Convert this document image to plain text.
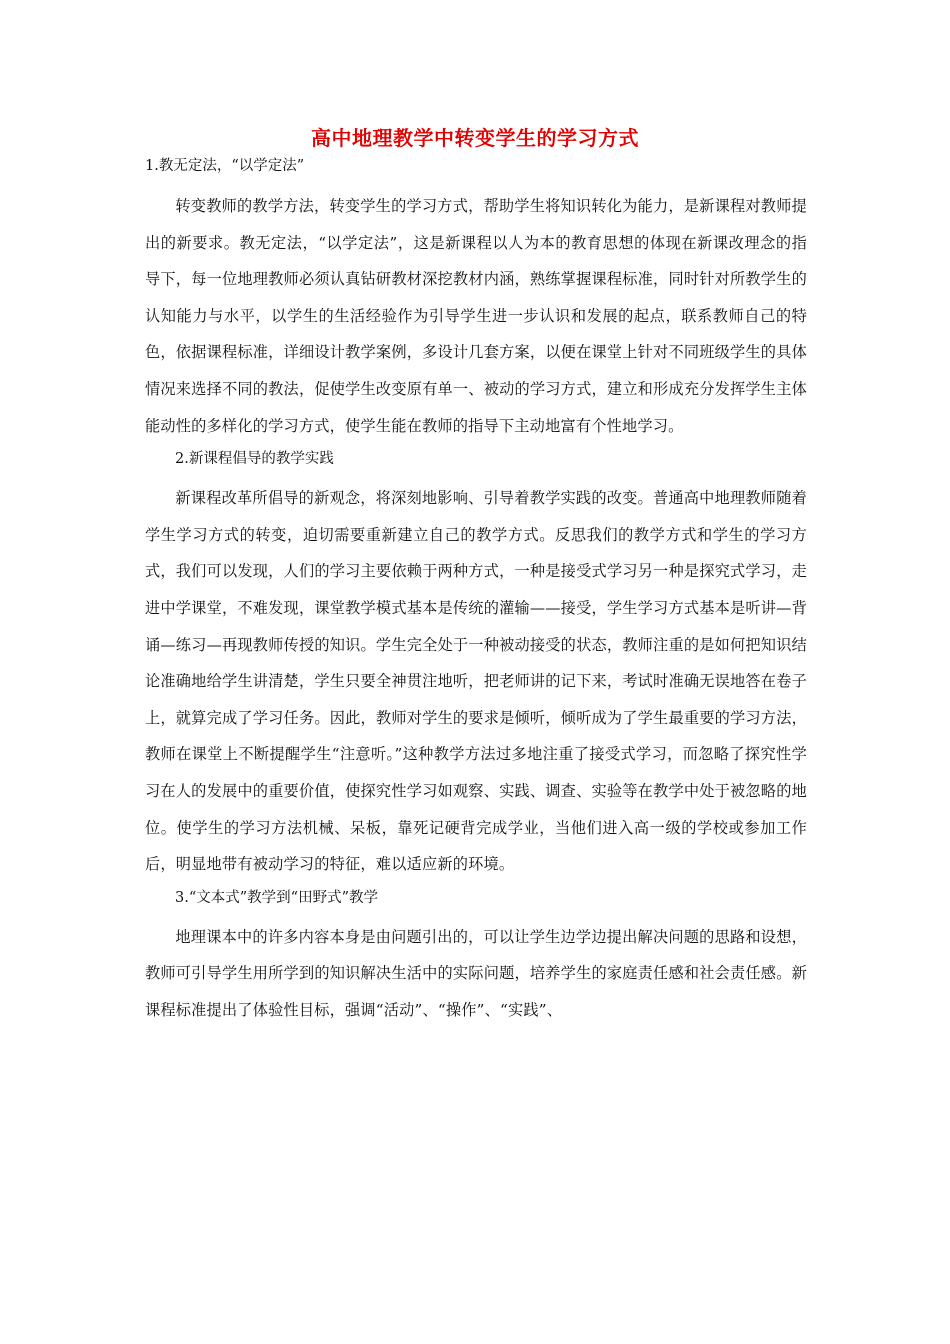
高中地理教学中转变学生的学习方式
1.教无定法，“以学定法”

转变教师的教学方法，转变学生的学习方式，帮助学生将知识转化为能力，是新课程对教师提出的新要求。教无定法，“以学定法”，这是新课程以人为本的教育思想的体现在新课改理念的指导下，每一位地理教师必须认真钻研教材深挖教材内涵，熟练掌握课程标准，同时针对所教学生的认知能力与水平，以学生的生活经验作为引导学生进一步认识和发展的起点，联系教师自己的特色，依据课程标准，详细设计教学案例，多设计几套方案，以便在课堂上针对不同班级学生的具体情况来选择不同的教法，促使学生改变原有单一、被动的学习方式，建立和形成充分发挥学生主体能动性的多样化的学习方式，使学生能在教师的指导下主动地富有个性地学习。

2.新课程倡导的教学实践

新课程改革所倡导的新观念，将深刻地影响、引导着教学实践的改变。普通高中地理教师随着学生学习方式的转变，迫切需要重新建立自己的教学方式。反思我们的教学方式和学生的学习方式，我们可以发现，人们的学习主要依赖于两种方式，一种是接受式学习另一种是探究式学习，走进中学课堂，不难发现，课堂教学模式基本是传统的灌输——接受，学生学习方式基本是听讲—背诵—练习—再现教师传授的知识。学生完全处于一种被动接受的状态，教师注重的是如何把知识结论准确地给学生讲清楚，学生只要全神贯注地听，把老师讲的记下来，考试时准确无误地答在卷子上，就算完成了学习任务。因此，教师对学生的要求是倾听，倾听成为了学生最重要的学习方法，教师在课堂上不断提醒学生“注意听。”这种教学方法过多地注重了接受式学习，而忽略了探究性学习在人的发展中的重要价值，使探究性学习如观察、实践、调查、实验等在教学中处于被忽略的地位。使学生的学习方法机械、呆板，靠死记硬背完成学业，当他们进入高一级的学校或参加工作后，明显地带有被动学习的特征，难以适应新的环境。

3.“文本式”教学到“田野式”教学

地理课本中的许多内容本身是由问题引出的，可以让学生边学边提出解决问题的思路和设想，教师可引导学生用所学到的知识解决生活中的实际问题，培养学生的家庭责任感和社会责任感。新课程标准提出了体验性目标，强调“活动”、“操作”、“实践”、
